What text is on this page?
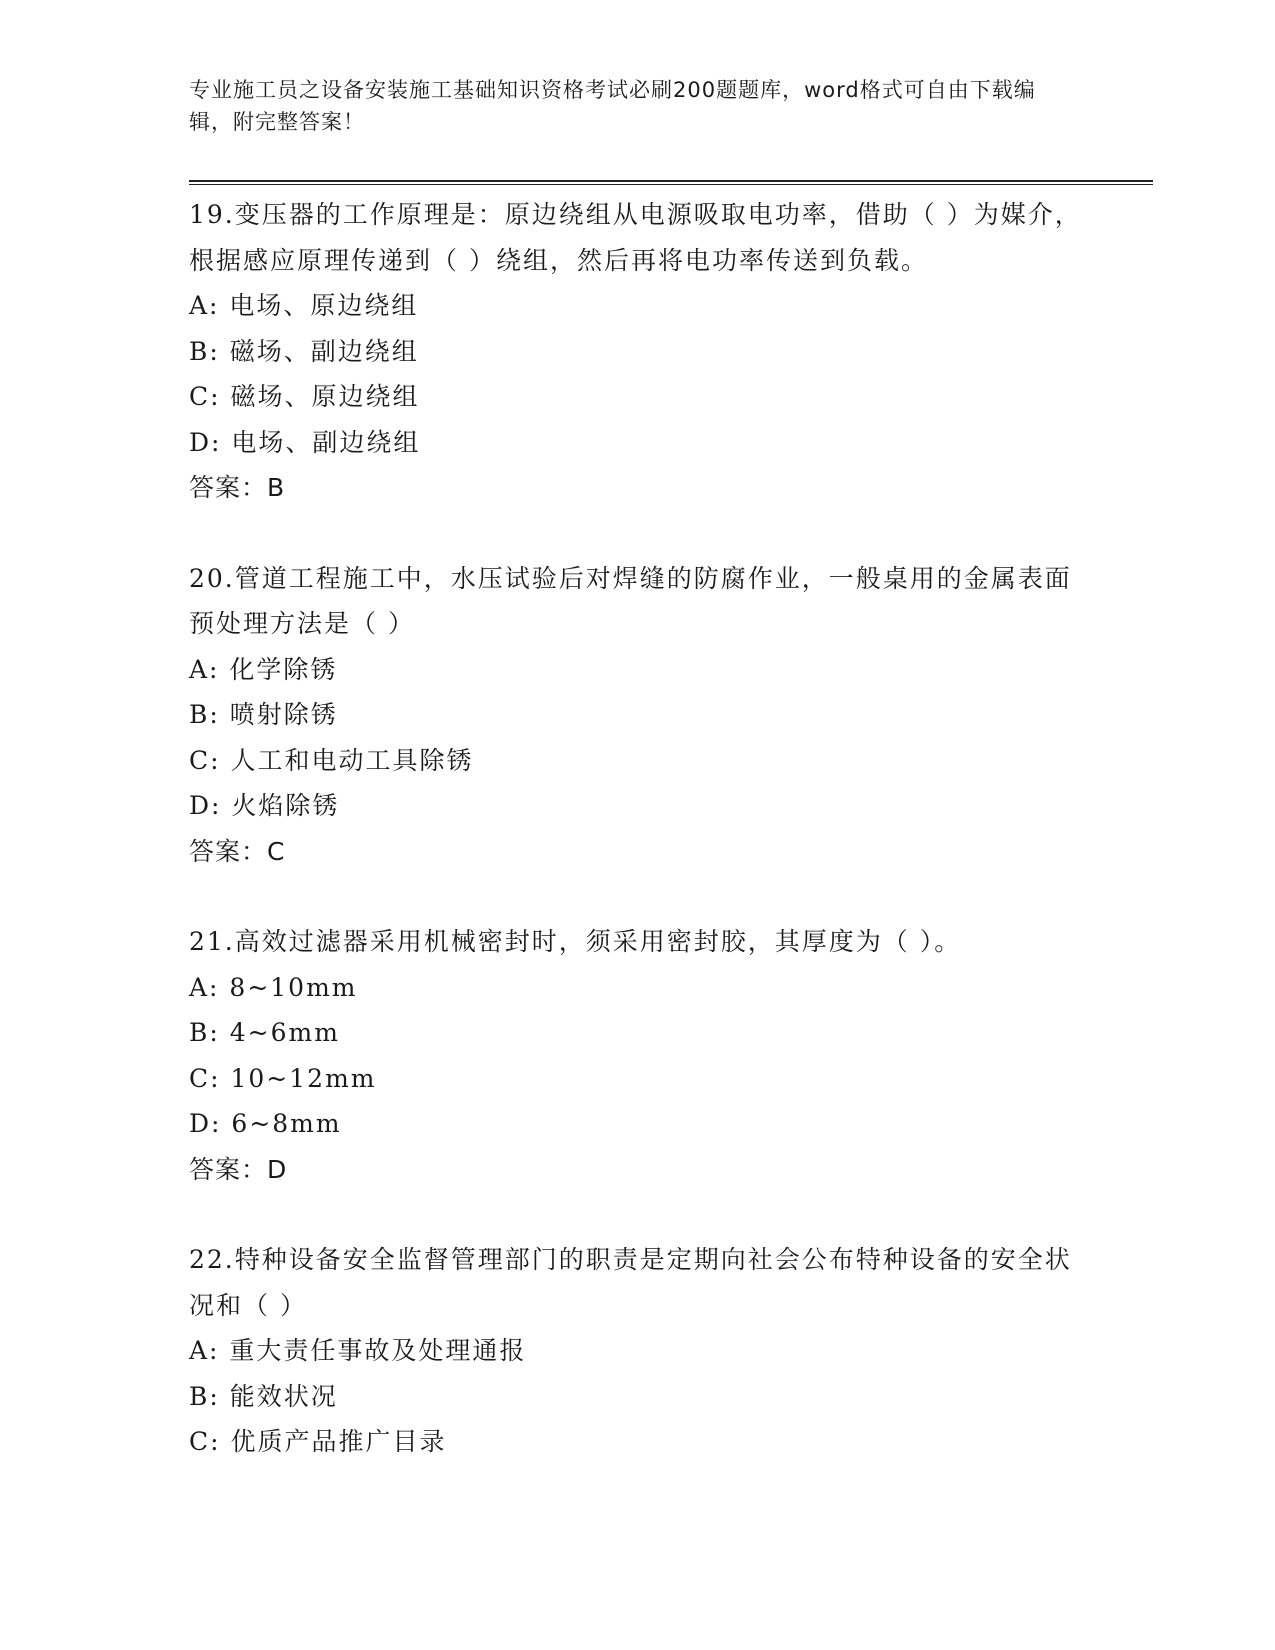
专业施工员之设备安装施工基础知识资格考试必刷200题题库，word格式可自由下载编辑，附完整答案！
19.变压器的工作原理是：原边绕组从电源吸取电功率，借助（ ）为媒介，根据感应原理传递到（ ）绕组，然后再将电功率传送到负载。
A: 电场、原边绕组
B: 磁场、副边绕组
C: 磁场、原边绕组
D: 电场、副边绕组
答案：B
20.管道工程施工中，水压试验后对焊缝的防腐作业，一般桌用的金属表面预处理方法是（ ）
A: 化学除锈
B: 喷射除锈
C: 人工和电动工具除锈
D: 火焰除锈
答案：C
21.高效过滤器采用机械密封时，须采用密封胶，其厚度为（ ）。
A: 8~10mm
B: 4~6mm
C: 10~12mm
D: 6~8mm
答案：D
22.特种设备安全监督管理部门的职责是定期向社会公布特种设备的安全状况和（ ）
A: 重大责任事故及处理通报
B: 能效状况
C: 优质产品推广目录
